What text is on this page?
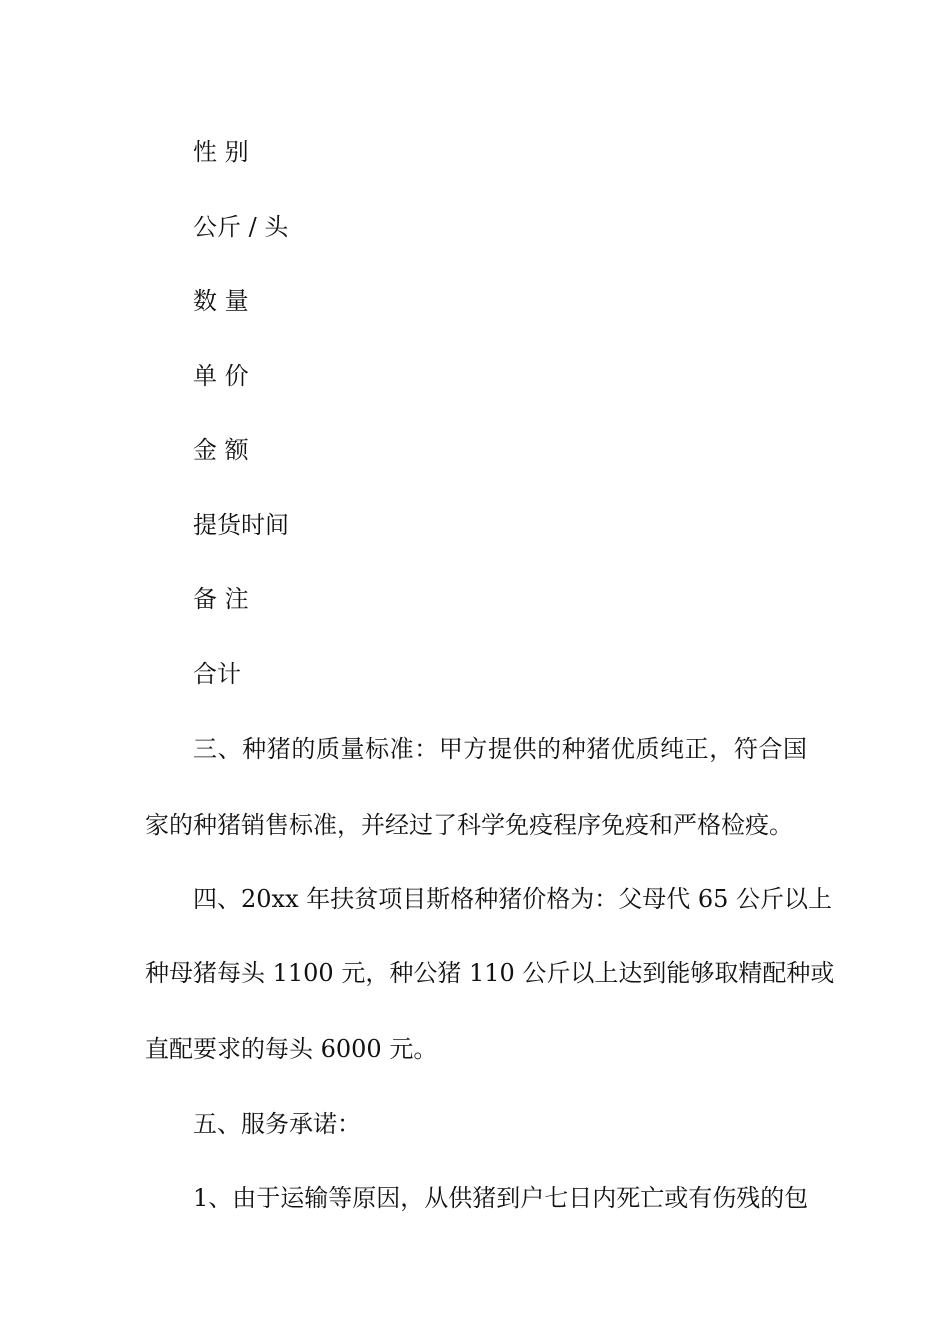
性 别
公斤 / 头
数 量
单 价
金 额
提货时间
备 注
合计
三、种猪的质量标准：甲方提供的种猪优质纯正，符合国
家的种猪销售标准，并经过了科学免疫程序免疫和严格检疫。
四、20xx 年扶贫项目斯格种猪价格为：父母代 65 公斤以上
种母猪每头 1100 元，种公猪 110 公斤以上达到能够取精配种或
直配要求的每头 6000 元。
五、服务承诺：
1、由于运输等原因，从供猪到户七日内死亡或有伤残的包
